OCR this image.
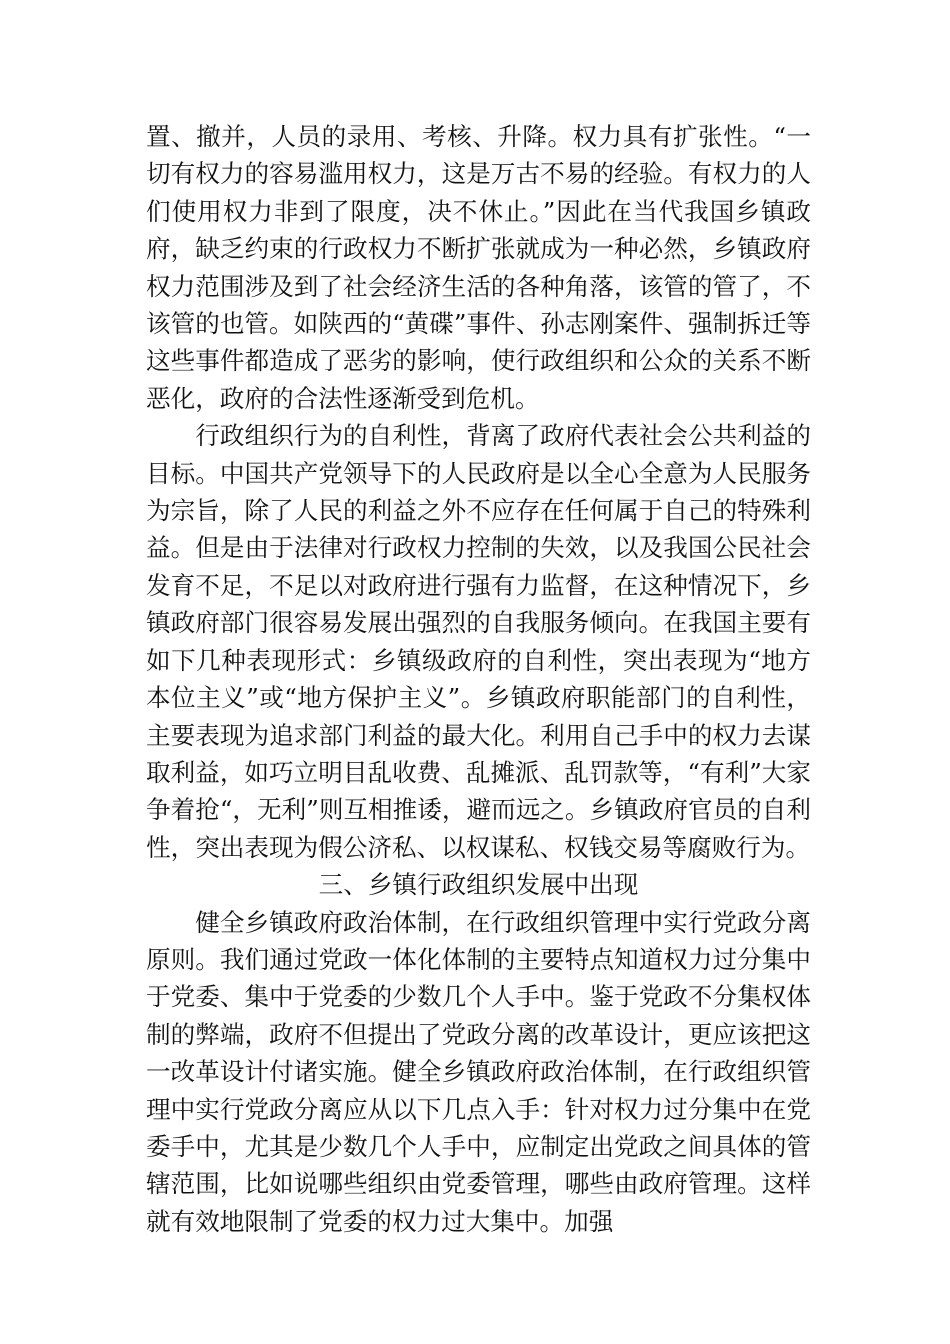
置、撤并，人员的录用、考核、升降。权力具有扩张性。“一切有权力的容易滥用权力，这是万古不易的经验。有权力的人们使用权力非到了限度，决不休止。”因此在当代我国乡镇政府，缺乏约束的行政权力不断扩张就成为一种必然，乡镇政府权力范围涉及到了社会经济生活的各种角落，该管的管了，不该管的也管。如陕西的“黄碟”事件、孙志刚案件、强制拆迁等这些事件都造成了恶劣的影响，使行政组织和公众的关系不断恶化，政府的合法性逐渐受到危机。

行政组织行为的自利性，背离了政府代表社会公共利益的目标。中国共产党领导下的人民政府是以全心全意为人民服务为宗旨，除了人民的利益之外不应存在任何属于自己的特殊利益。但是由于法律对行政权力控制的失效，以及我国公民社会发育不足，不足以对政府进行强有力监督，在这种情况下，乡镇政府部门很容易发展出强烈的自我服务倾向。在我国主要有如下几种表现形式：乡镇级政府的自利性，突出表现为“地方本位主义”或“地方保护主义”。乡镇政府职能部门的自利性，主要表现为追求部门利益的最大化。利用自己手中的权力去谋取利益，如巧立明目乱收费、乱摊派、乱罚款等，“有利”大家争着抢“，无利”则互相推诿，避而远之。乡镇政府官员的自利性，突出表现为假公济私、以权谋私、权钱交易等腐败行为。

三、乡镇行政组织发展中出现

健全乡镇政府政治体制，在行政组织管理中实行党政分离原则。我们通过党政一体化体制的主要特点知道权力过分集中于党委、集中于党委的少数几个人手中。鉴于党政不分集权体制的弊端，政府不但提出了党政分离的改革设计，更应该把这一改革设计付诸实施。健全乡镇政府政治体制，在行政组织管理中实行党政分离应从以下几点入手：针对权力过分集中在党委手中，尤其是少数几个人手中，应制定出党政之间具体的管辖范围，比如说哪些组织由党委管理，哪些由政府管理。这样就有效地限制了党委的权力过大集中。加强
